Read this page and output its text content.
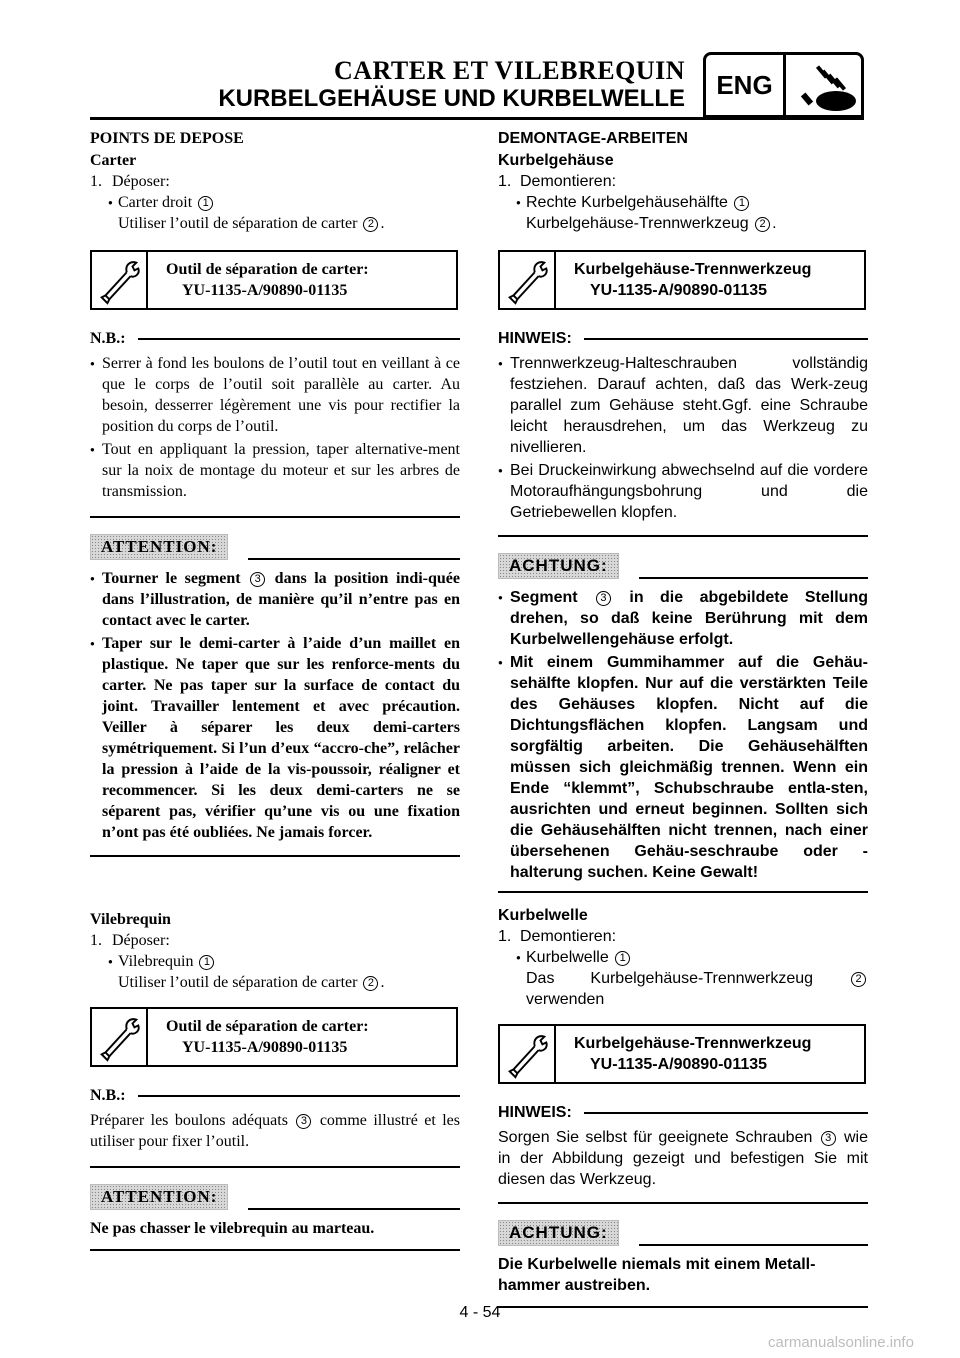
CARTER ET VILEBREQUIN
KURBELGEHÄUSE UND KURBELWELLE	ENG
POINTS DE DEPOSE
Carter
1. Déposer:
● Carter droit 1
Utiliser l’outil de séparation de carter 2 .
Outil de séparation de carter:
YU-1135-A/90890-01135
N.B.:
● Serrer à fond les boulons de l’outil tout en veillant à ce que le corps de l’outil soit parallèle au carter. Au besoin, desserrer légèrement une vis pour rectifier la position du corps de l’outil.
● Tout en appliquant la pression, taper alternative-ment sur la noix de montage du moteur et sur les arbres de transmission.
ATTENTION:
● Tourner le segment 3 dans la position indi-quée dans l’illustration, de manière qu’il n’entre pas en contact avec le carter.
● Taper sur le demi-carter à l’aide d’un maillet en plastique. Ne taper que sur les renforce-ments du carter. Ne pas taper sur la surface de contact du joint. Travailler lentement et avec précaution. Veiller à séparer les deux demi-carters symétriquement. Si l’un d’eux “accro-che”, relâcher la pression à l’aide de la vis-poussoir, réaligner et recommencer. Si les deux demi-carters ne se séparent pas, vérifier qu’une vis ou une fixation n’ont pas été oubliées. Ne jamais forcer.
Vilebrequin
1. Déposer:
● Vilebrequin 1
Utiliser l’outil de séparation de carter 2 .
Outil de séparation de carter:
YU-1135-A/90890-01135
N.B.:
Préparer les boulons adéquats 3 comme illustré et les utiliser pour fixer l’outil.
ATTENTION:
Ne pas chasser le vilebrequin au marteau.
DEMONTAGE-ARBEITEN
Kurbelgehäuse
1. Demontieren:
● Rechte Kurbelgehäusehälfte 1
Kurbelgehäuse-Trennwerkzeug 2 .
Kurbelgehäuse-Trennwerkzeug
YU-1135-A/90890-01135
HINWEIS:
● Trennwerkzeug-Halteschrauben vollständig festziehen. Darauf achten, daß das Werk-zeug parallel zum Gehäuse steht.Ggf. eine Schraube leicht herausdrehen, um das Werkzeug zu nivellieren.
● Bei Druckeinwirkung abwechselnd auf die vordere Motoraufhängungsbohrung und die Getriebewellen klopfen.
ACHTUNG:
● Segment 3 in die abgebildete Stellung drehen, so daß keine Berührung mit dem Kurbelwellengehäuse erfolgt.
● Mit einem Gummihammer auf die Gehäu-sehälfte klopfen. Nur auf die verstärkten Teile des Gehäuses klopfen. Nicht auf die Dichtungsflächen klopfen. Langsam und sorgfältig arbeiten. Die Gehäusehälften müssen sich gleichmäßig trennen. Wenn ein Ende “klemmt”, Schubschraube entla-sten, ausrichten und erneut beginnen. Sollten sich die Gehäusehälften nicht trennen, nach einer übersehenen Gehäu-seschraube oder -halterung suchen. Keine Gewalt!
Kurbelwelle
1. Demontieren:
● Kurbelwelle 1
Das Kurbelgehäuse-Trennwerkzeug 2 verwenden
Kurbelgehäuse-Trennwerkzeug
YU-1135-A/90890-01135
HINWEIS:
Sorgen Sie selbst für geeignete Schrauben 3 wie in der Abbildung gezeigt und befestigen Sie mit diesen das Werkzeug.
ACHTUNG:
Die Kurbelwelle niemals mit einem Metall-hammer austreiben.
4 - 54
carmanualsonline.info
